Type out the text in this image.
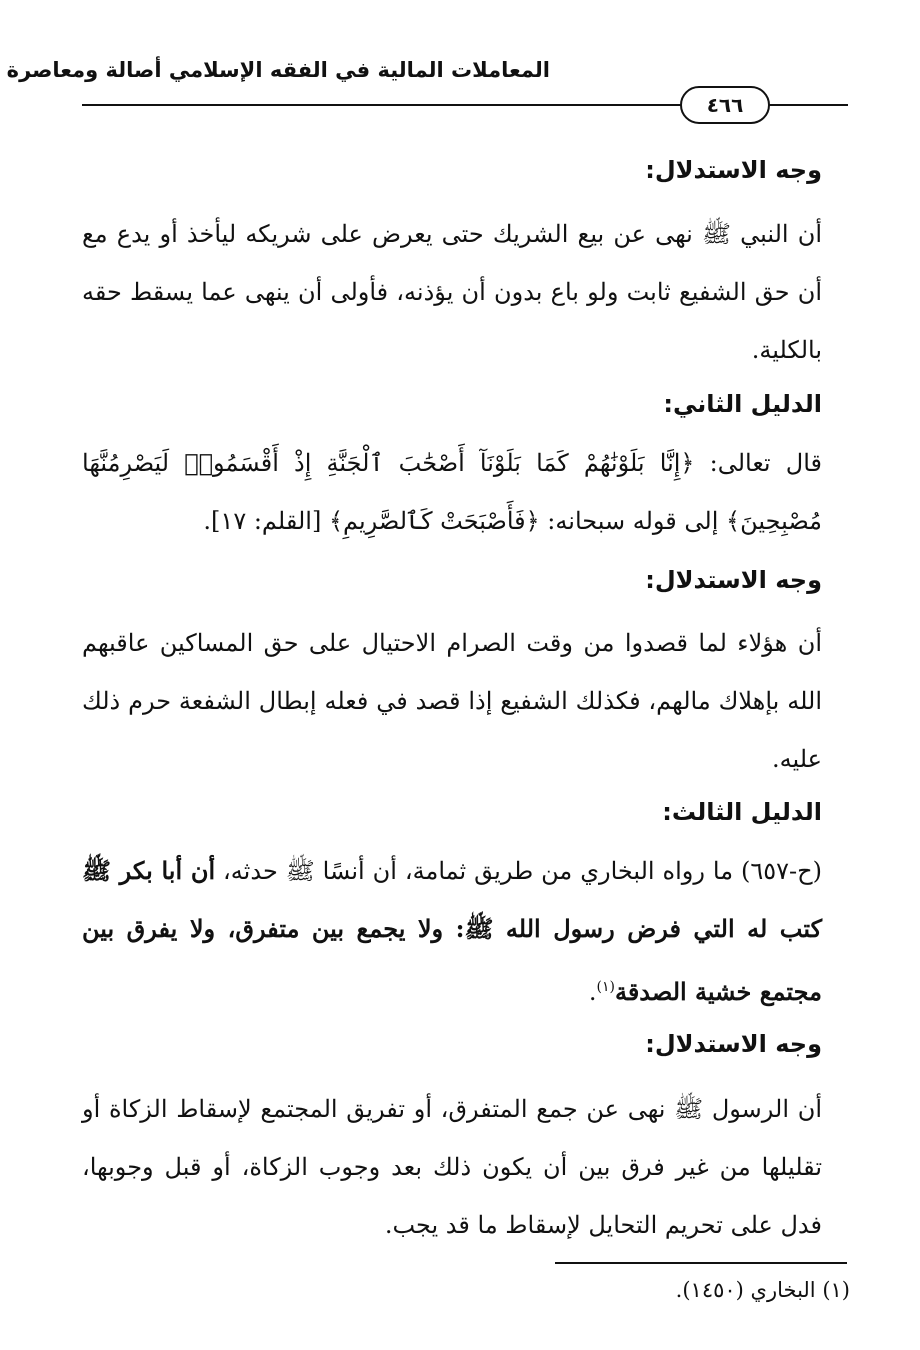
المعاملات المالية في الفقه الإسلامي أصالة ومعاصرة
٤٦٦
وجه الاستدلال:
أن النبي ﷺ نهى عن بيع الشريك حتى يعرض على شريكه ليأخذ أو يدع مع أن حق الشفيع ثابت ولو باع بدون أن يؤذنه، فأولى أن ينهى عما يسقط حقه بالكلية.
الدليل الثاني:
قال تعالى: ﴿إِنَّا بَلَوْنَٰهُمْ كَمَا بَلَوْنَآ أَصْحَٰبَ ٱلْجَنَّةِ إِذْ أَقْسَمُوا۟ لَيَصْرِمُنَّهَا مُصْبِحِينَ﴾ إلى قوله سبحانه: ﴿فَأَصْبَحَتْ كَٱلصَّرِيمِ﴾ [القلم: ١٧].
وجه الاستدلال:
أن هؤلاء لما قصدوا من وقت الصرام الاحتيال على حق المساكين عاقبهم الله بإهلاك مالهم، فكذلك الشفيع إذا قصد في فعله إبطال الشفعة حرم ذلك عليه.
الدليل الثالث:
(ح-٦٥٧) ما رواه البخاري من طريق ثمامة، أن أنسًا ﷺ حدثه، أن أبا بكر ﷺ كتب له التي فرض رسول الله ﷺ: ولا يجمع بين متفرق، ولا يفرق بين مجتمع خشية الصدقة$^{(١)}$.
وجه الاستدلال:
أن الرسول ﷺ نهى عن جمع المتفرق، أو تفريق المجتمع لإسقاط الزكاة أو تقليلها من غير فرق بين أن يكون ذلك بعد وجوب الزكاة، أو قبل وجوبها، فدل على تحريم التحايل لإسقاط ما قد يجب.
(١) البخاري (١٤٥٠).
